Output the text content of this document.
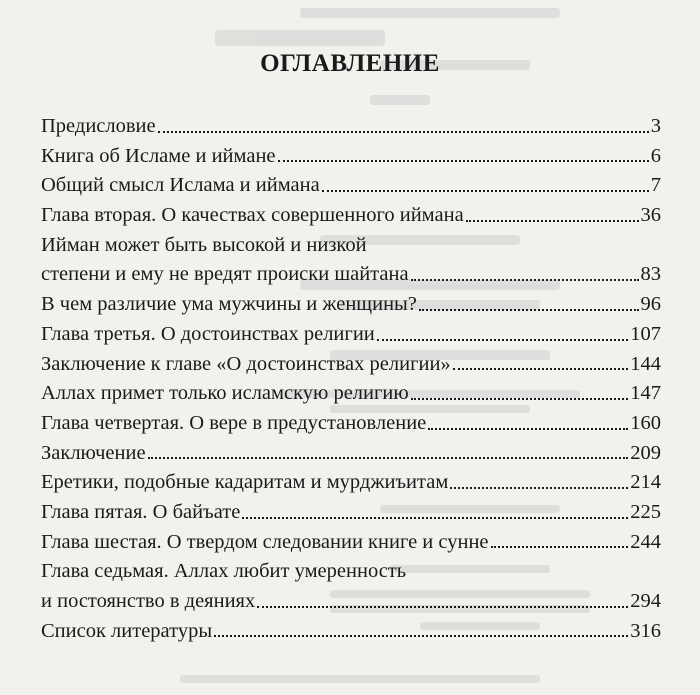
ОГЛАВЛЕНИЕ
Предисловие	3
Книга об Исламе и иймане	6
Общий смысл Ислама и иймана	7
Глава вторая. О качествах совершенного иймана	36
Ийман может быть высокой и низкой
степени и ему не вредят происки шайтана	83
В чем различие ума мужчины и женщины?	96
Глава третья. О достоинствах религии	107
Заключение к главе «О достоинствах религии»	144
Аллах примет только исламскую религию	147
Глава четвертая. О вере в предустановление	160
Заключение	209
Еретики, подобные кадаритам и мурджиъитам	214
Глава пятая. О байъате	225
Глава шестая. О твердом следовании книге и сунне	244
Глава седьмая. Аллах любит умеренность
и постоянство в деяниях	294
Список литературы	316
